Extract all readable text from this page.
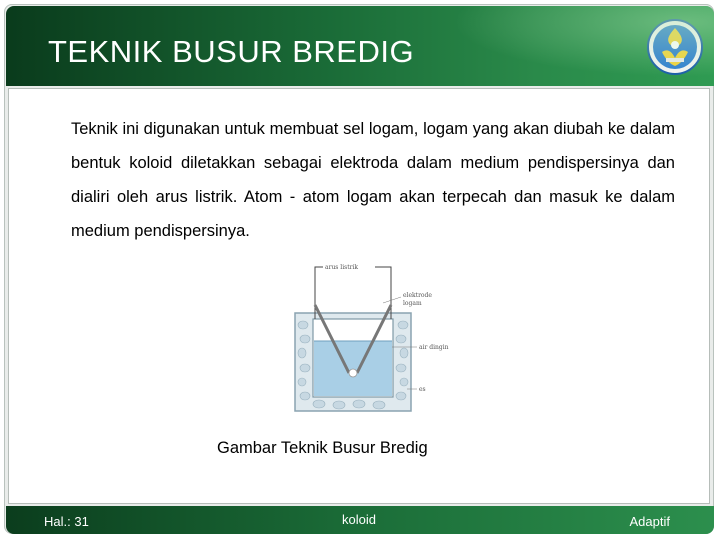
TEKNIK BUSUR BREDIG
Teknik ini digunakan untuk membuat sel logam, logam yang akan diubah ke dalam bentuk koloid diletakkan sebagai elektroda dalam medium pendispersinya dan dialiri oleh arus listrik. Atom - atom logam akan terpecah dan masuk ke dalam medium pendispersinya.
arus listrik
elektrode
logam
air dingin
es
Gambar Teknik Busur Bredig
Hal.: 31	koloid	Adaptif
